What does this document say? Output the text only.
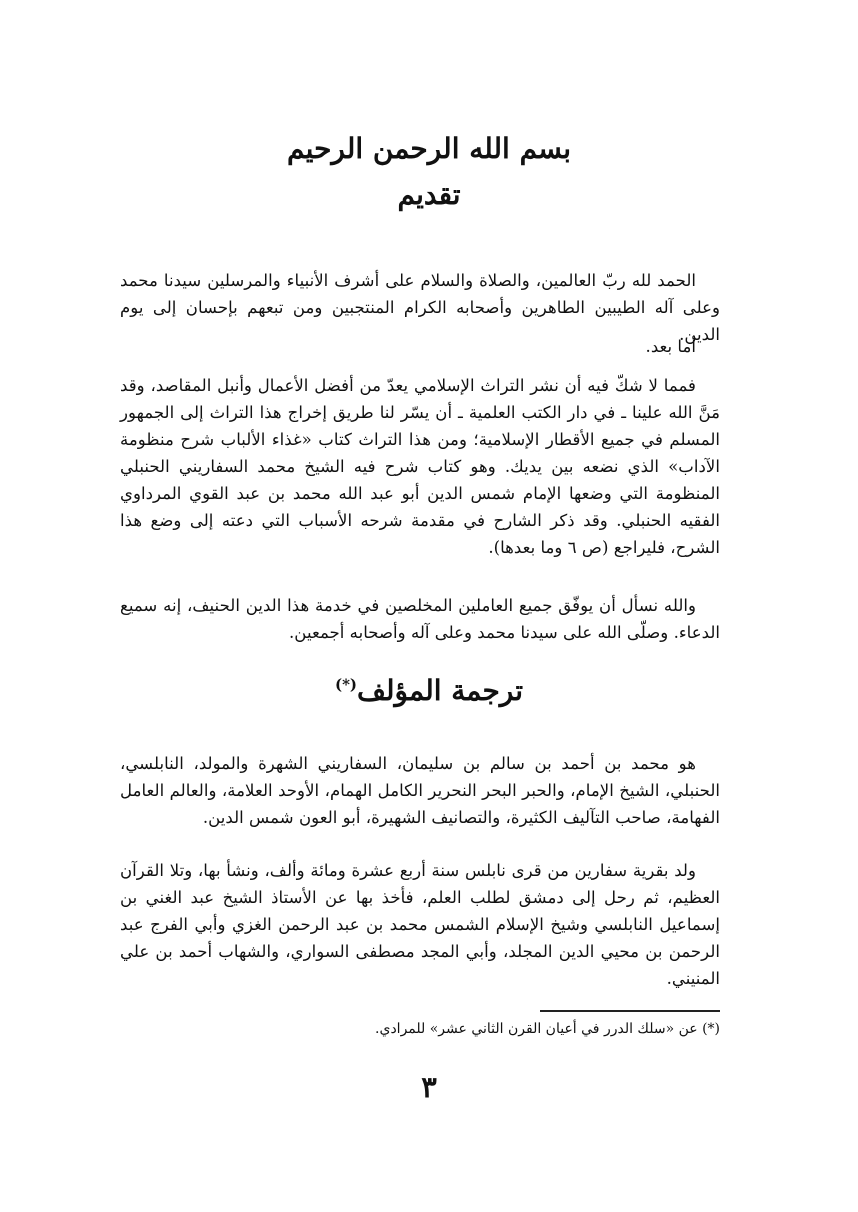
بسم الله الرحمن الرحيم
تقديم

الحمد لله ربّ العالمين، والصلاة والسلام على أشرف الأنبياء والمرسلين سيدنا محمد وعلى آله الطيبين الطاهرين وأصحابه الكرام المنتجبين ومن تبعهم بإحسان إلى يوم الدين.

أما بعد.

فمما لا شكّ فيه أن نشر التراث الإسلامي يعدّ من أفضل الأعمال وأنبل المقاصد، وقد مَنَّ الله علينا ـ في دار الكتب العلمية ـ أن يسّر لنا طريق إخراج هذا التراث إلى الجمهور المسلم في جميع الأقطار الإسلامية؛ ومن هذا التراث كتاب «غذاء الألباب شرح منظومة الآداب» الذي نضعه بين يديك. وهو كتاب شرح فيه الشيخ محمد السفاريني الحنبلي المنظومة التي وضعها الإمام شمس الدين أبو عبد الله محمد بن عبد القوي المرداوي الفقيه الحنبلي. وقد ذكر الشارح في مقدمة شرحه الأسباب التي دعته إلى وضع هذا الشرح، فليراجع (ص ٦ وما بعدها).

والله نسأل أن يوفّق جميع العاملين المخلصين في خدمة هذا الدين الحنيف، إنه سميع الدعاء. وصلّى الله على سيدنا محمد وعلى آله وأصحابه أجمعين.

ترجمة المؤلف(*)

هو محمد بن أحمد بن سالم بن سليمان، السفاريني الشهرة والمولد، النابلسي، الحنبلي، الشيخ الإمام، والحبر البحر النحرير الكامل الهمام، الأوحد العلامة، والعالم العامل الفهامة، صاحب التآليف الكثيرة، والتصانيف الشهيرة، أبو العون شمس الدين.

ولد بقرية سفارين من قرى نابلس سنة أربع عشرة ومائة وألف، ونشأ بها، وتلا القرآن العظيم، ثم رحل إلى دمشق لطلب العلم، فأخذ بها عن الأستاذ الشيخ عبد الغني بن إسماعيل النابلسي وشيخ الإسلام الشمس محمد بن عبد الرحمن الغزي وأبي الفرج عبد الرحمن بن محيي الدين المجلد، وأبي المجد مصطفى السواري، والشهاب أحمد بن علي المنيني.

(*) عن «سلك الدرر في أعيان القرن الثاني عشر» للمرادي.
٣
